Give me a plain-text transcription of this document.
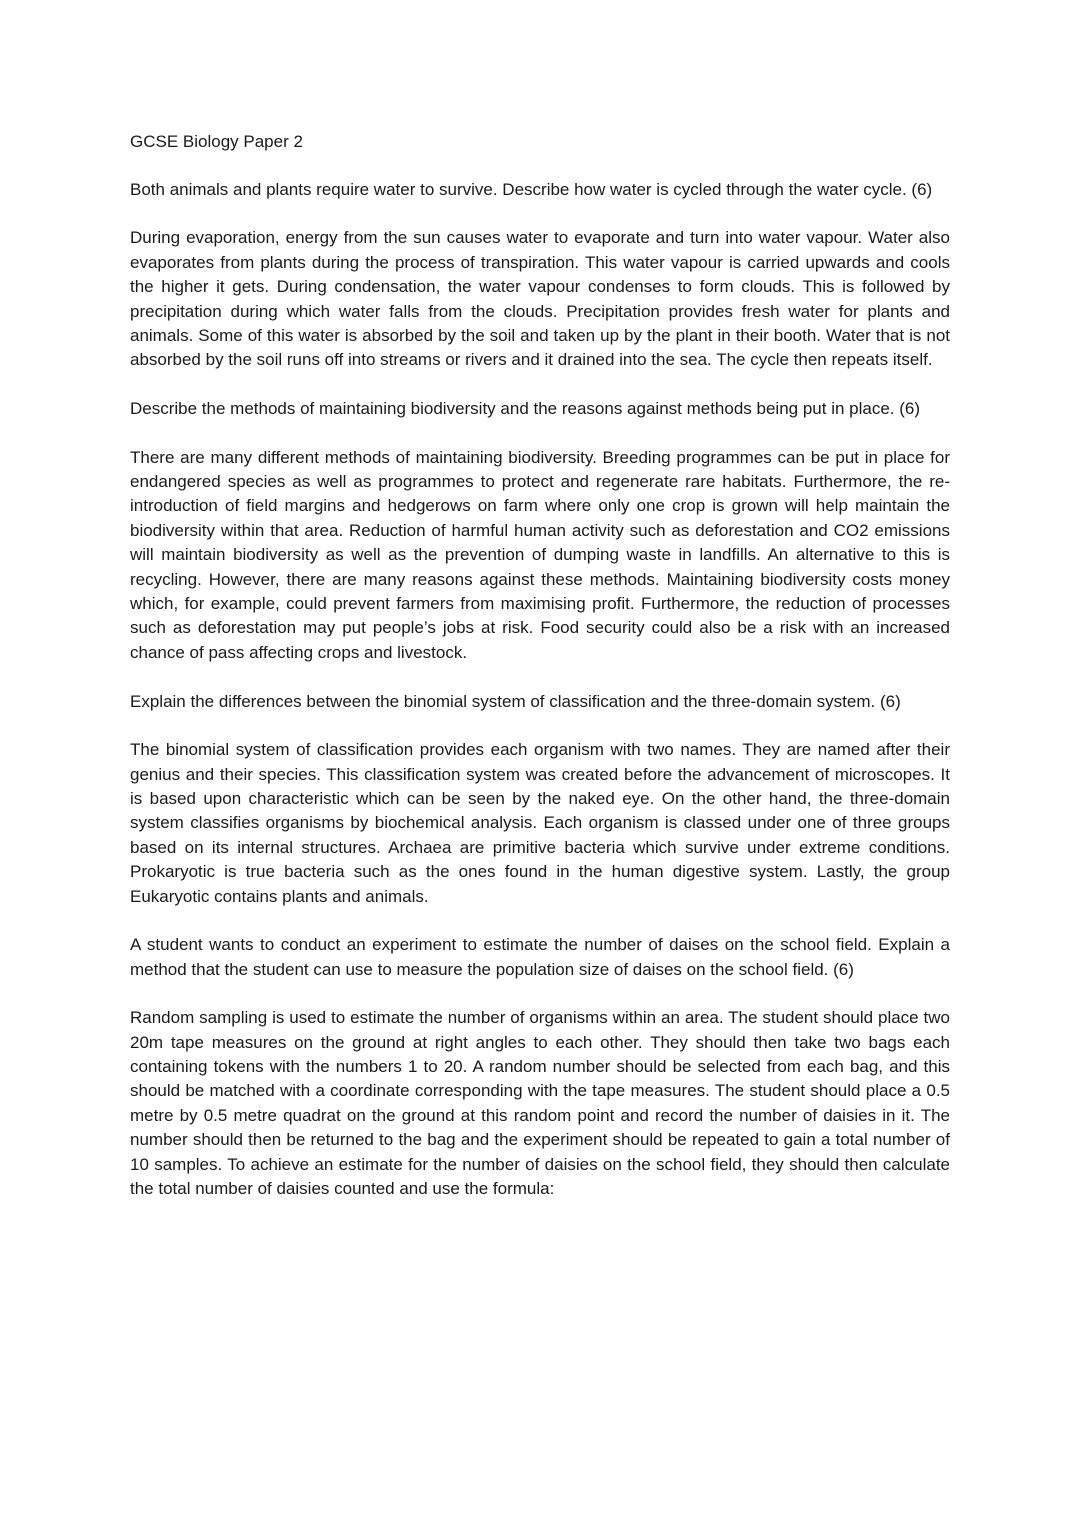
GCSE Biology Paper 2

Both animals and plants require water to survive. Describe how water is cycled through the water cycle. (6)

During evaporation, energy from the sun causes water to evaporate and turn into water vapour. Water also evaporates from plants during the process of transpiration. This water vapour is carried upwards and cools the higher it gets. During condensation, the water vapour condenses to form clouds. This is followed by precipitation during which water falls from the clouds. Precipitation provides fresh water for plants and animals. Some of this water is absorbed by the soil and taken up by the plant in their booth. Water that is not absorbed by the soil runs off into streams or rivers and it drained into the sea. The cycle then repeats itself.

Describe the methods of maintaining biodiversity and the reasons against methods being put in place. (6)

There are many different methods of maintaining biodiversity. Breeding programmes can be put in place for endangered species as well as programmes to protect and regenerate rare habitats. Furthermore, the re-introduction of field margins and hedgerows on farm where only one crop is grown will help maintain the biodiversity within that area. Reduction of harmful human activity such as deforestation and CO2 emissions will maintain biodiversity as well as the prevention of dumping waste in landfills. An alternative to this is recycling. However, there are many reasons against these methods. Maintaining biodiversity costs money which, for example, could prevent farmers from maximising profit. Furthermore, the reduction of processes such as deforestation may put people’s jobs at risk. Food security could also be a risk with an increased chance of pass affecting crops and livestock.

Explain the differences between the binomial system of classification and the three-domain system. (6)

The binomial system of classification provides each organism with two names. They are named after their genius and their species. This classification system was created before the advancement of microscopes. It is based upon characteristic which can be seen by the naked eye. On the other hand, the three-domain system classifies organisms by biochemical analysis. Each organism is classed under one of three groups based on its internal structures. Archaea are primitive bacteria which survive under extreme conditions. Prokaryotic is true bacteria such as the ones found in the human digestive system. Lastly, the group Eukaryotic contains plants and animals.

A student wants to conduct an experiment to estimate the number of daises on the school field. Explain a method that the student can use to measure the population size of daises on the school field. (6)

Random sampling is used to estimate the number of organisms within an area. The student should place two 20m tape measures on the ground at right angles to each other. They should then take two bags each containing tokens with the numbers 1 to 20. A random number should be selected from each bag, and this should be matched with a coordinate corresponding with the tape measures. The student should place a 0.5 metre by 0.5 metre quadrat on the ground at this random point and record the number of daisies in it. The number should then be returned to the bag and the experiment should be repeated to gain a total number of 10 samples. To achieve an estimate for the number of daisies on the school field, they should then calculate the total number of daisies counted and use the formula:
